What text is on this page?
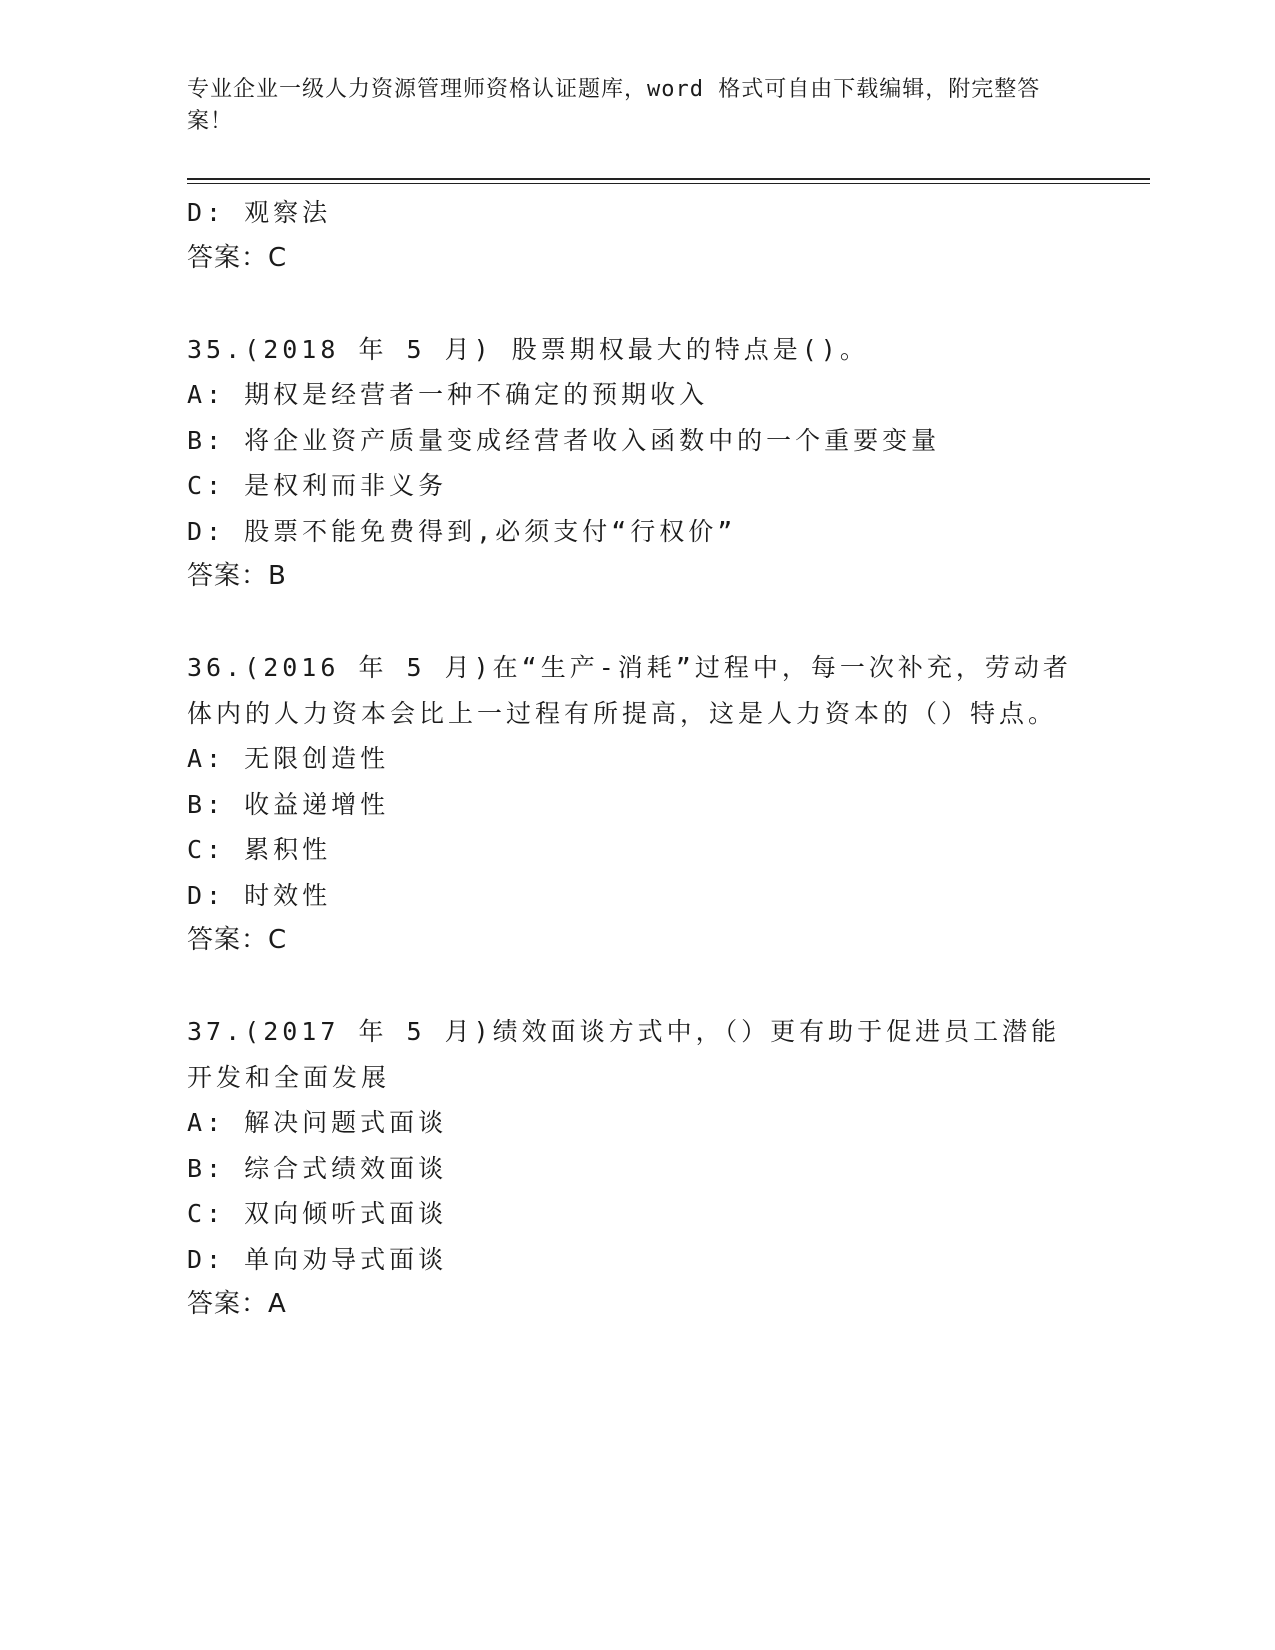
专业企业一级人力资源管理师资格认证题库，word 格式可自由下载编辑，附完整答案！
D: 观察法
答案：C
35.(2018 年 5 月) 股票期权最大的特点是()。
A: 期权是经营者一种不确定的预期收入
B: 将企业资产质量变成经营者收入函数中的一个重要变量
C: 是权利而非义务
D: 股票不能免费得到,必须支付“行权价”
答案：B
36.(2016 年 5 月)在“生产-消耗”过程中，每一次补充，劳动者体内的人力资本会比上一过程有所提高，这是人力资本的（）特点。
A: 无限创造性
B: 收益递增性
C: 累积性
D: 时效性
答案：C
37.(2017 年 5 月)绩效面谈方式中，（）更有助于促进员工潜能开发和全面发展
A: 解决问题式面谈
B: 综合式绩效面谈
C: 双向倾听式面谈
D: 单向劝导式面谈
答案：A
